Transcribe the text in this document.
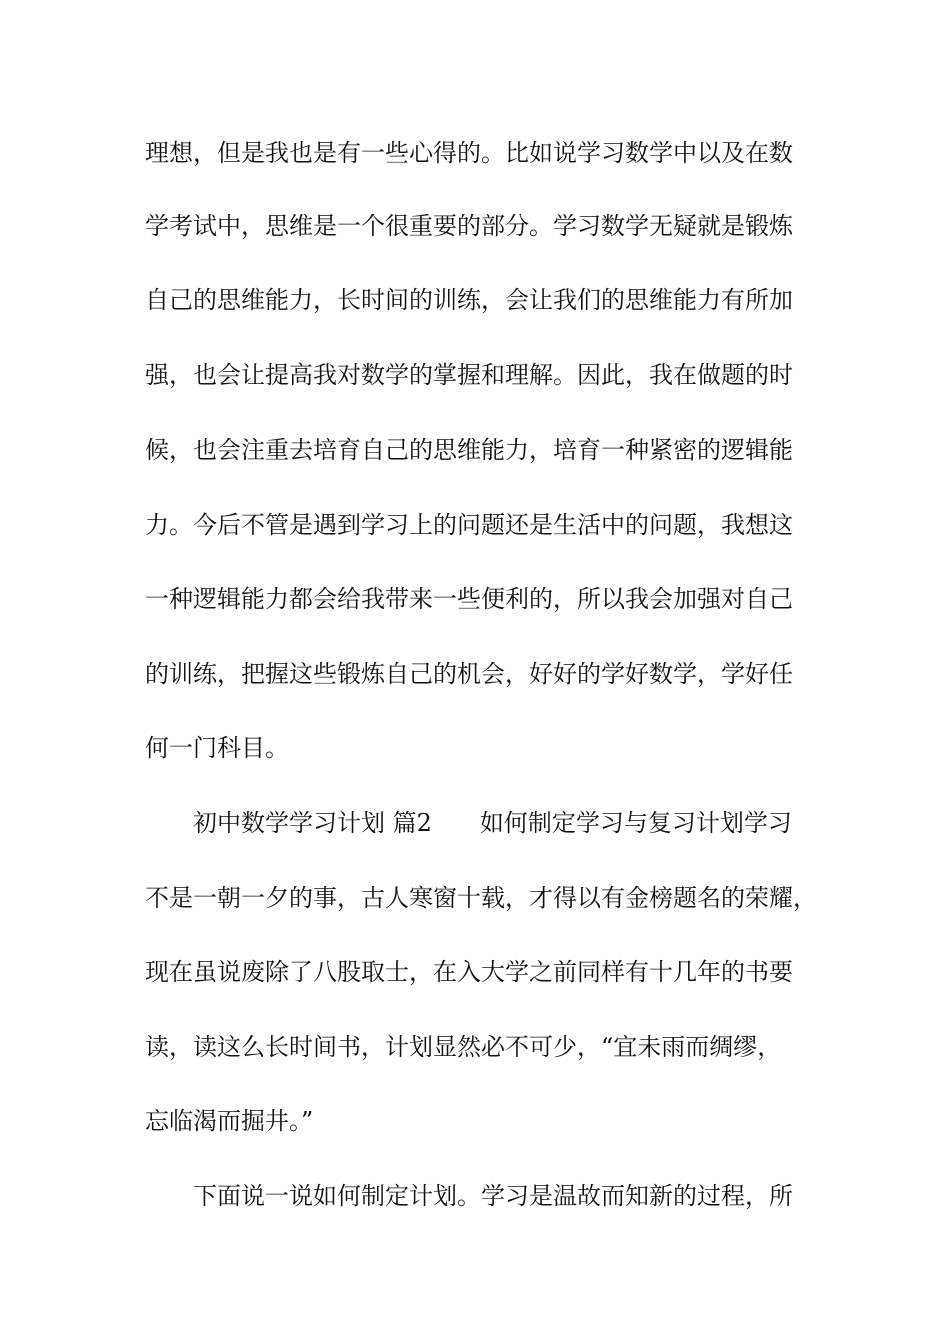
理想，但是我也是有一些心得的。比如说学习数学中以及在数
学考试中，思维是一个很重要的部分。学习数学无疑就是锻炼
自己的思维能力，长时间的训练，会让我们的思维能力有所加
强，也会让提高我对数学的掌握和理解。因此，我在做题的时
候，也会注重去培育自己的思维能力，培育一种紧密的逻辑能
力。今后不管是遇到学习上的问题还是生活中的问题，我想这
一种逻辑能力都会给我带来一些便利的，所以我会加强对自己
的训练，把握这些锻炼自己的机会，好好的学好数学，学好任
何一门科目。
　　初中数学学习计划 篇2　　如何制定学习与复习计划学习
不是一朝一夕的事，古人寒窗十载，才得以有金榜题名的荣耀，
现在虽说废除了八股取士，在入大学之前同样有十几年的书要
读，读这么长时间书，计划显然必不可少，“宜未雨而绸缪，
忘临渴而掘井。”
　　下面说一说如何制定计划。学习是温故而知新的过程，所
